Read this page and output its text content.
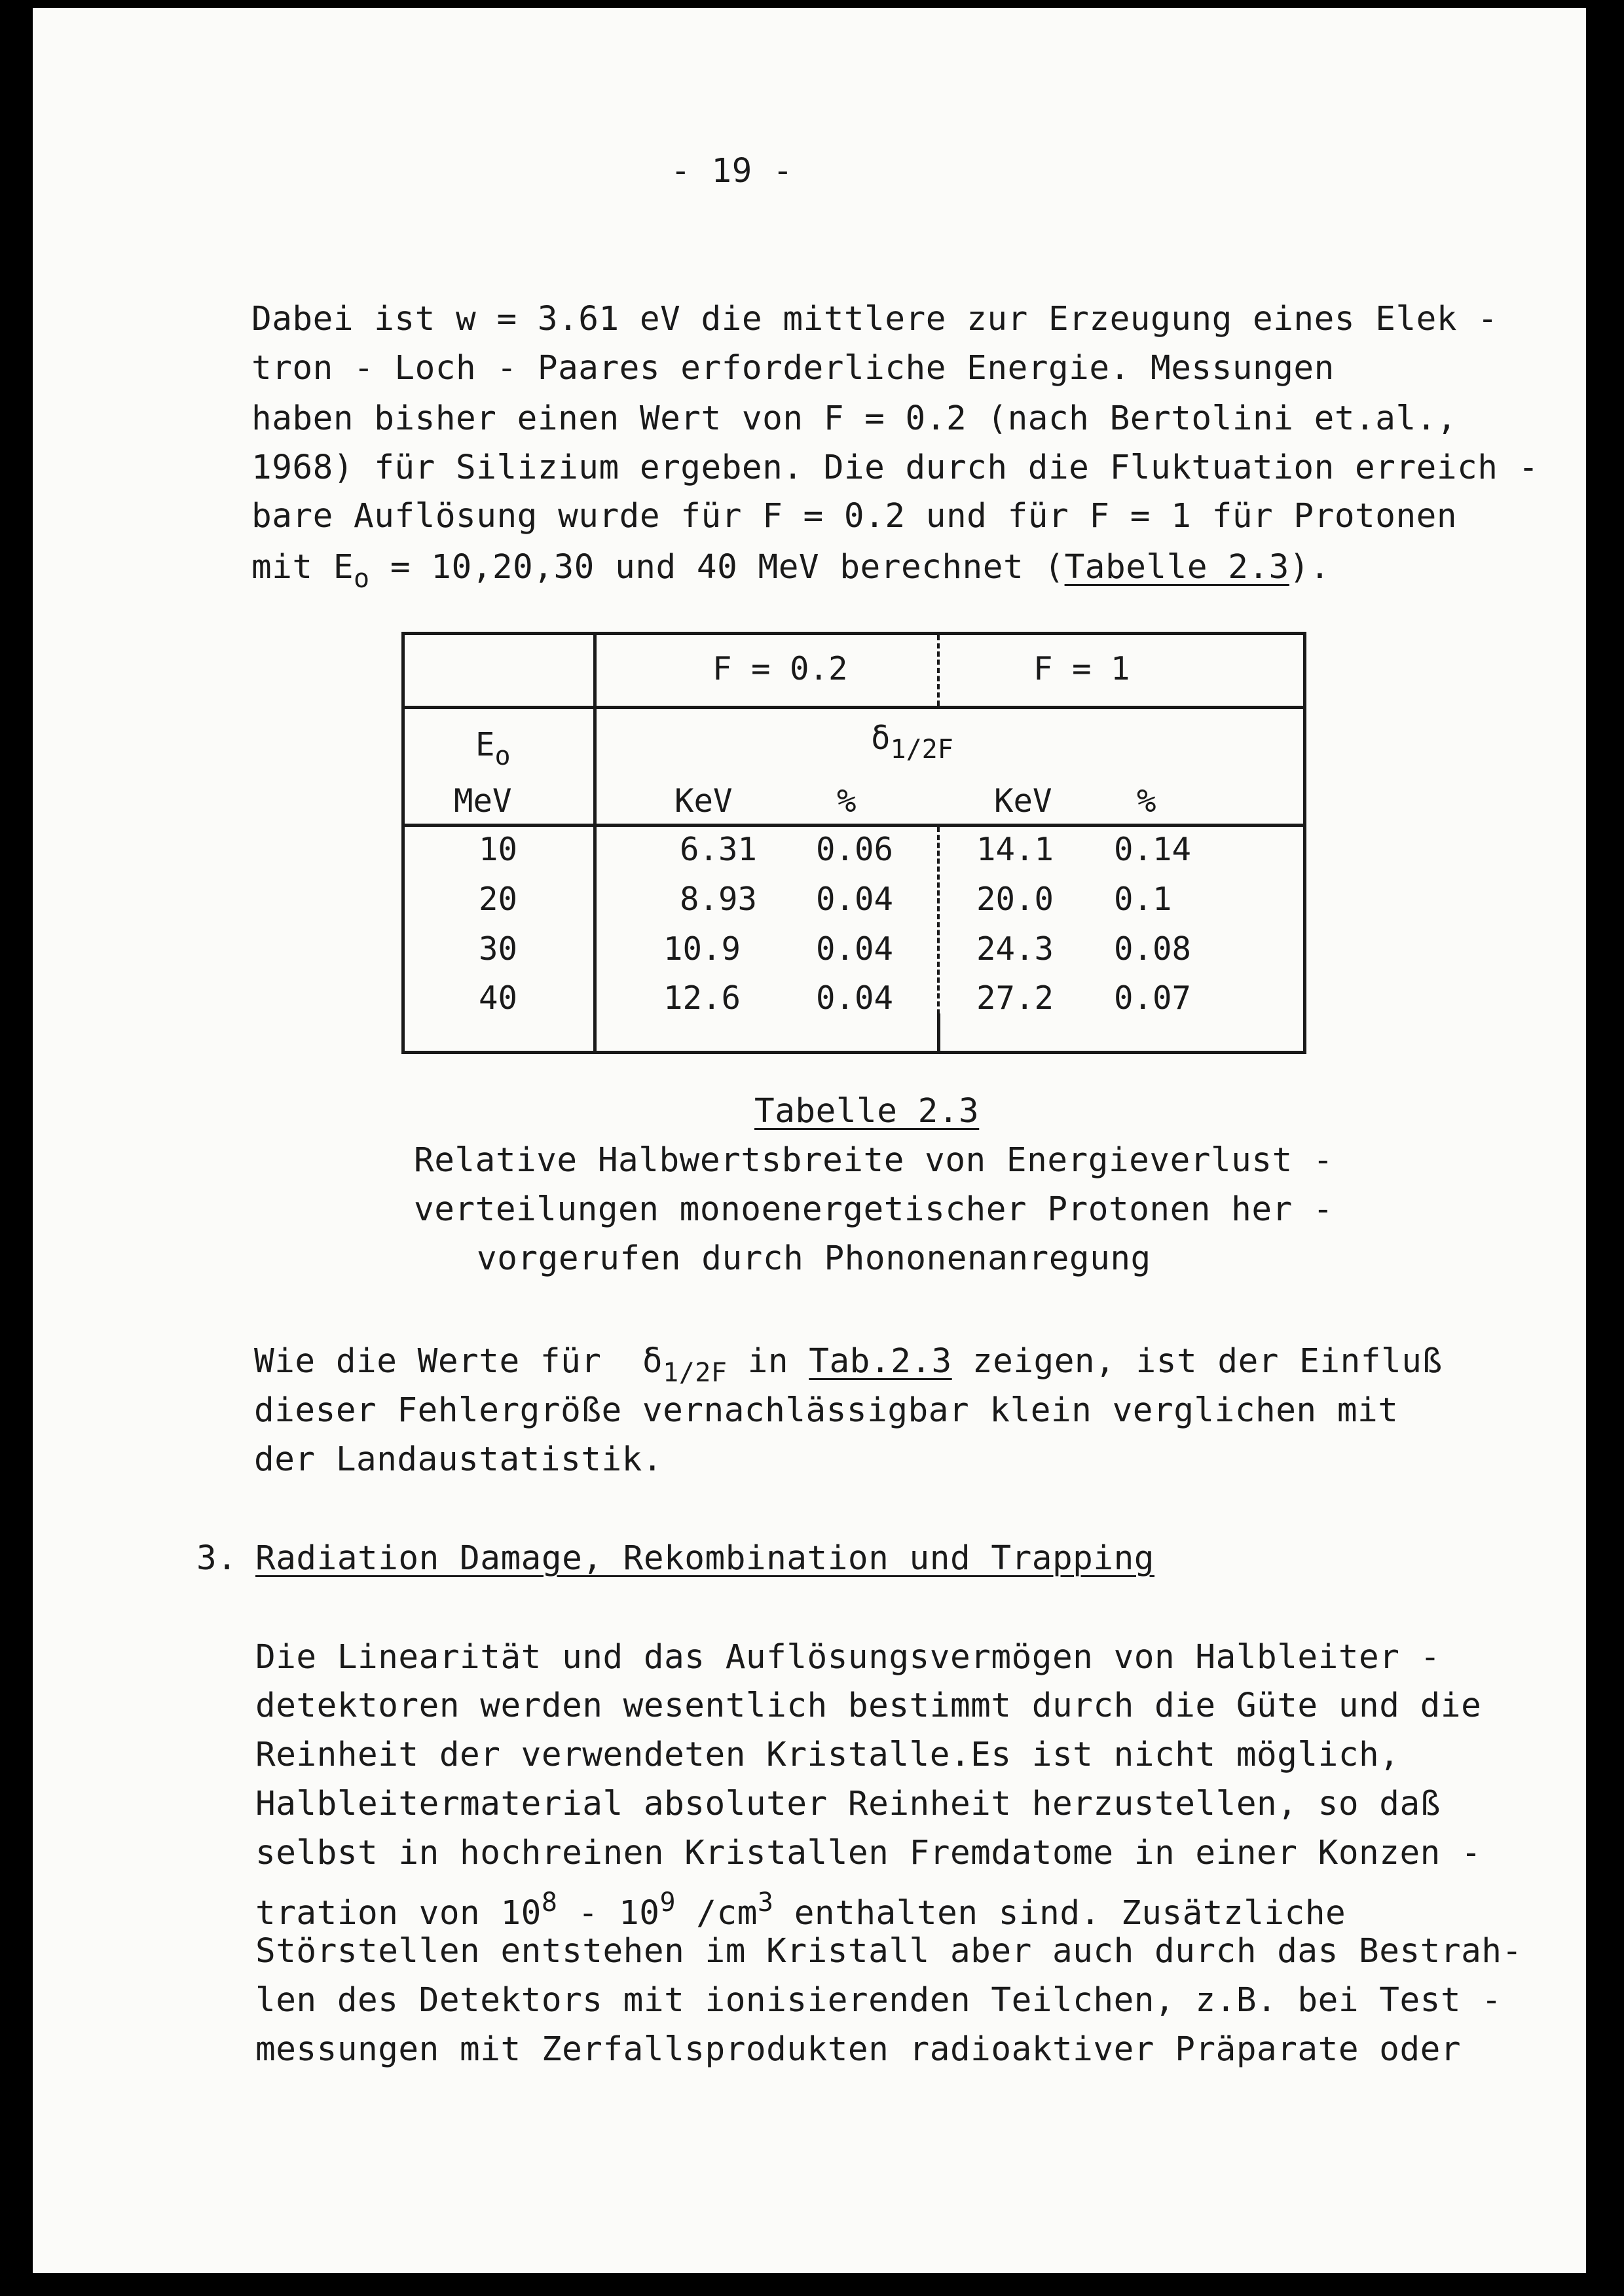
- 19 -
Dabei ist w = 3.61 eV die mittlere zur Erzeugung eines Elek -
tron - Loch - Paares erforderliche Energie. Messungen
haben bisher einen Wert von F = 0.2 (nach Bertolini et.al.,
1968) für Silizium ergeben. Die durch die Fluktuation erreich -
bare Auflösung wurde für F = 0.2 und für F = 1 für Protonen
mit $E_o = 10,20,30$ und 40 MeV berechnet (Tabelle 2.3).
F = 0.2	F = 1
$E_o$	$\delta_{1/2F}$
MeV	KeV	%	KeV	%
10	6.31 0.06	14.1 0.14
20	8.93 0.04	20.0 0.1
30	10.9 0.04	24.3 0.08
40	12.6 0.04	27.2 0.07
Tabelle 2.3
Relative Halbwertsbreite von Energieverlust -
verteilungen monoenergetischer Protonen her -
vorgerufen durch Phononenanregung
Wie die Werte für  $\delta_{1/2F}$ in Tab.2.3 zeigen, ist der Einfluß
dieser Fehlergröße vernachlässigbar klein verglichen mit
der Landaustatistik.
3. Radiation Damage, Rekombination und Trapping
Die Linearität und das Auflösungsvermögen von Halbleiter -
detektoren werden wesentlich bestimmt durch die Güte und die
Reinheit der verwendeten Kristalle.Es ist nicht möglich,
Halbleitermaterial absoluter Reinheit herzustellen, so daß
selbst in hochreinen Kristallen Fremdatome in einer Konzen -
tration von $10^8 - 10^9$ $/cm^3$ enthalten sind. Zusätzliche
Störstellen entstehen im Kristall aber auch durch das Bestrah-
len des Detektors mit ionisierenden Teilchen, z.B. bei Test -
messungen mit Zerfallsprodukten radioaktiver Präparate oder
